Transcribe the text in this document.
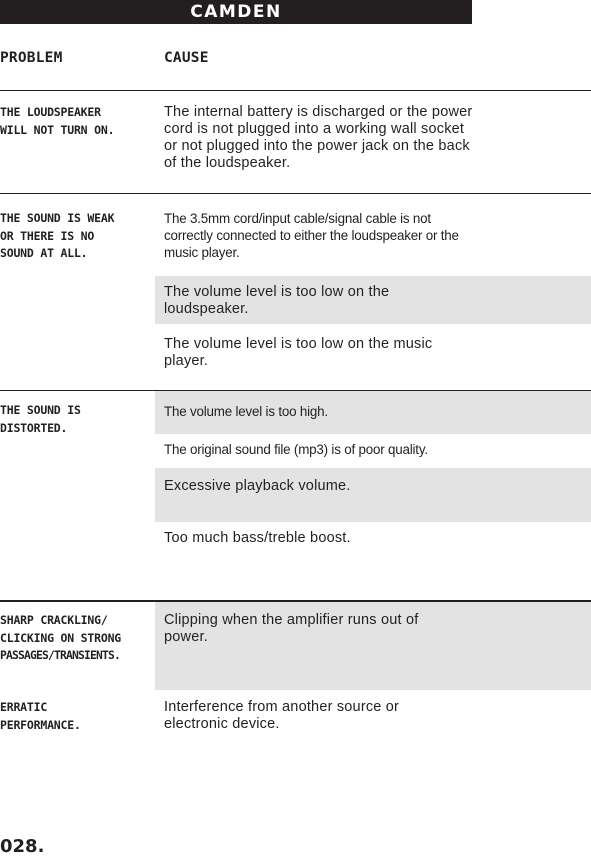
CAMDEN
PROBLEM	CAUSE
THE LOUDSPEAKER
WILL NOT TURN ON.
The internal battery is discharged or the power cord is not plugged into a working wall socket or not plugged into the power jack on the back of the loudspeaker.
THE SOUND IS WEAK
OR THERE IS NO
SOUND AT ALL.
The 3.5mm cord/input cable/signal cable is not correctly connected to either the loudspeaker or the music player.
The volume level is too low on the loudspeaker.
The volume level is too low on the music player.
THE SOUND IS
DISTORTED.
The volume level is too high.
The original sound file (mp3) is of poor quality.
Excessive playback volume.
Too much bass/treble boost.
SHARP CRACKLING/
CLICKING ON STRONG
PASSAGES/TRANSIENTS.
Clipping when the amplifier runs out of power.
ERRATIC
PERFORMANCE.
Interference from another source or electronic device.
028.
